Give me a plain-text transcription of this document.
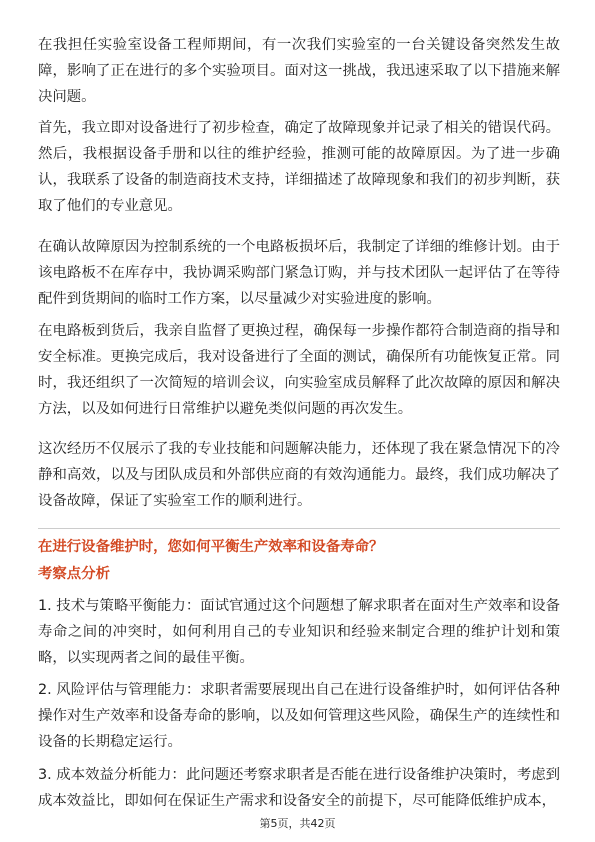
在我担任实验室设备工程师期间，有一次我们实验室的一台关键设备突然发生故障，影响了正在进行的多个实验项目。面对这一挑战，我迅速采取了以下措施来解决问题。

首先，我立即对设备进行了初步检查，确定了故障现象并记录了相关的错误代码。然后，我根据设备手册和以往的维护经验，推测可能的故障原因。为了进一步确认，我联系了设备的制造商技术支持，详细描述了故障现象和我们的初步判断，获取了他们的专业意见。

在确认故障原因为控制系统的一个电路板损坏后，我制定了详细的维修计划。由于该电路板不在库存中，我协调采购部门紧急订购，并与技术团队一起评估了在等待配件到货期间的临时工作方案，以尽量减少对实验进度的影响。

在电路板到货后，我亲自监督了更换过程，确保每一步操作都符合制造商的指导和安全标准。更换完成后，我对设备进行了全面的测试，确保所有功能恢复正常。同时，我还组织了一次简短的培训会议，向实验室成员解释了此次故障的原因和解决方法，以及如何进行日常维护以避免类似问题的再次发生。

这次经历不仅展示了我的专业技能和问题解决能力，还体现了我在紧急情况下的冷静和高效，以及与团队成员和外部供应商的有效沟通能力。最终，我们成功解决了设备故障，保证了实验室工作的顺利进行。

在进行设备维护时，您如何平衡生产效率和设备寿命？

考察点分析

1. 技术与策略平衡能力：面试官通过这个问题想了解求职者在面对生产效率和设备寿命之间的冲突时，如何利用自己的专业知识和经验来制定合理的维护计划和策略，以实现两者之间的最佳平衡。

2. 风险评估与管理能力：求职者需要展现出自己在进行设备维护时，如何评估各种操作对生产效率和设备寿命的影响，以及如何管理这些风险，确保生产的连续性和设备的长期稳定运行。

3. 成本效益分析能力：此问题还考察求职者是否能在进行设备维护决策时，考虑到成本效益比，即如何在保证生产需求和设备安全的前提下，尽可能降低维护成本，

第5页，共42页
